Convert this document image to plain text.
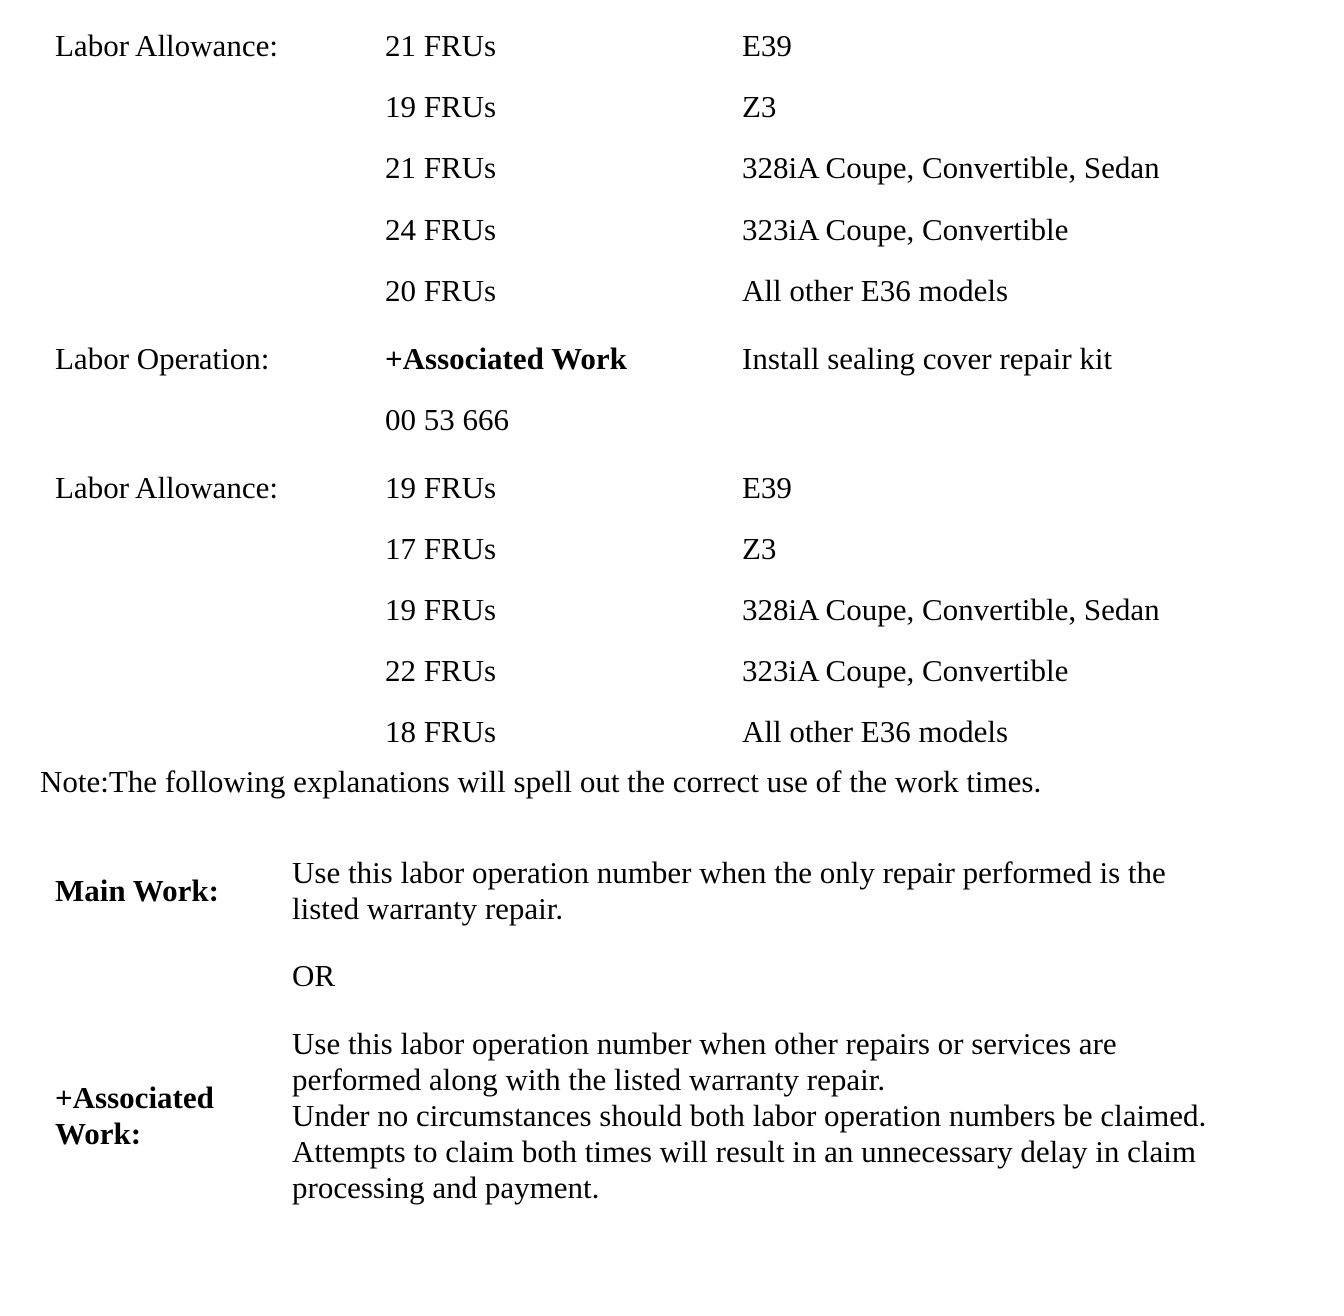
Labor Allowance:	21 FRUs	E39
19 FRUs	Z3
21 FRUs	328iA Coupe, Convertible, Sedan
24 FRUs	323iA Coupe, Convertible
20 FRUs	All other E36 models
Labor Operation:	+Associated Work	Install sealing cover repair kit
00 53 666
Labor Allowance:	19 FRUs	E39
17 FRUs	Z3
19 FRUs	328iA Coupe, Convertible, Sedan
22 FRUs	323iA Coupe, Convertible
18 FRUs	All other E36 models
Note:The following explanations will spell out the correct use of the work times.
Main Work:
Use this labor operation number when the only repair performed is the
listed warranty repair.
OR
+Associated
Work:
Use this labor operation number when other repairs or services are
performed along with the listed warranty repair.
Under no circumstances should both labor operation numbers be claimed.
Attempts to claim both times will result in an unnecessary delay in claim
processing and payment.
